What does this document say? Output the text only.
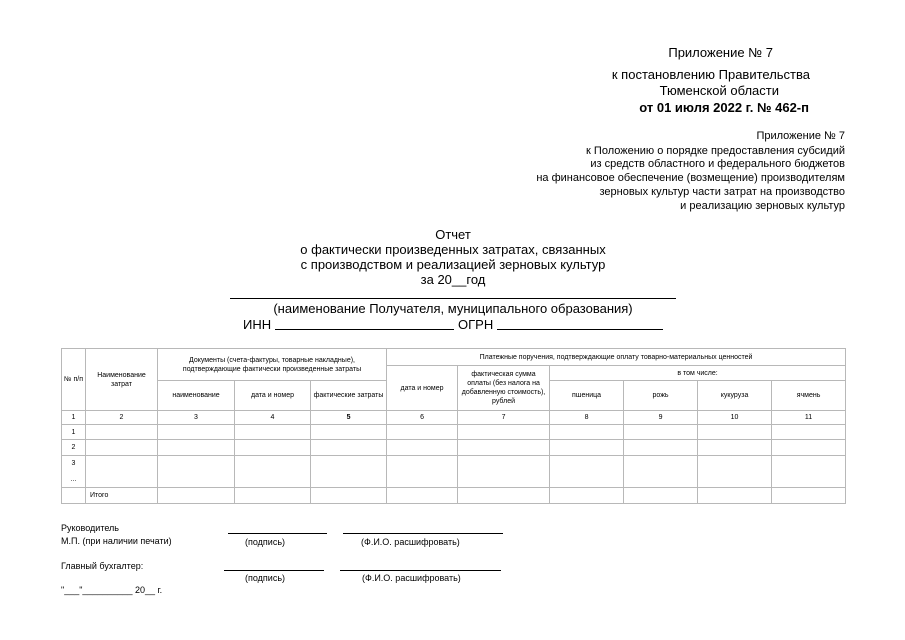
Приложение № 7
к постановлению Правительства
Тюменской области
от 01 июля 2022 г. № 462-п
Приложение № 7
к Положению о порядке предоставления субсидий
из средств областного и федерального бюджетов
на финансовое обеспечение (возмещение) производителям
зерновых культур части затрат на производство
и реализацию зерновых культур
Отчет
о фактически произведенных затратах, связанных
с производством и реализацией зерновых культур
за 20__год
(наименование Получателя, муниципального образования)
ИНН	ОГРН
№ п/п	Наименование затрат	Документы (счета-фактуры, товарные накладные), подтверждающие фактически произведенные затраты			Платежные поручения, подтверждающие оплату товарно-материальных ценностей					
					дата и номер	фактическая сумма оплаты (без налога на добавленную стоимость), рублей	в том числе:			
		наименование	дата и номер	фактические затраты			пшеница	рожь	кукуруза	ячмень
1	2	3	4	5	6	7	8	9	10	11
1										
2										
3										
...										
	Итого									
Руководитель
М.П. (при наличии печати)	(подпись)	(Ф.И.О. расшифровать)
Главный бухгалтер:
(подпись)	(Ф.И.О. расшифровать)
"___"__________ 20__ г.
